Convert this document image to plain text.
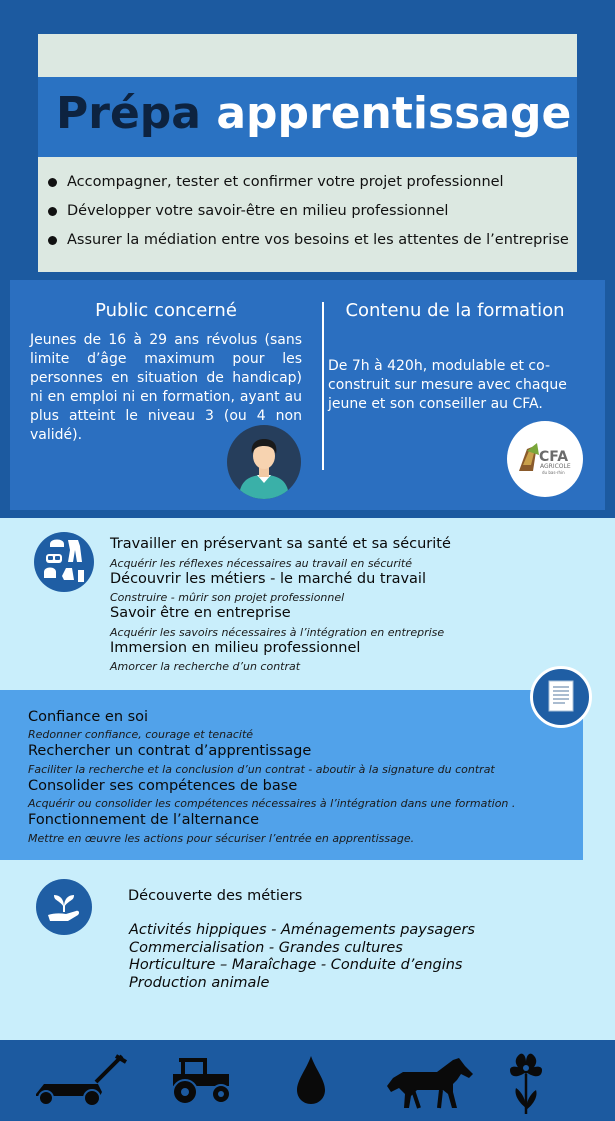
Prépa apprentissage
Accompagner, tester et confirmer votre projet professionnel
Développer votre savoir-être en milieu professionnel
Assurer la médiation entre vos besoins et les attentes de l’entreprise
Public concerné
Jeunes de 16 à 29 ans révolus (sans limite d’âge maximum pour les personnes en situation de handicap) ni en emploi ni en formation, ayant au plus atteint le niveau 3 (ou 4 non validé).
Contenu de la formation
De 7h à 420h, modulable et co-construit sur mesure avec chaque jeune et son conseiller au CFA.
CFA
AGRICOLE
du bas-rhin
Travailler en préservant sa santé et sa sécurité
Acquérir les réflexes nécessaires au travail en sécurité
Découvrir les métiers - le marché du travail
Construire - mûrir son projet professionnel
Savoir être en entreprise
Acquérir les savoirs nécessaires à l’intégration en entreprise
Immersion en milieu professionnel
Amorcer la recherche d’un contrat
Confiance en soi
Redonner confiance, courage et tenacité
Rechercher un contrat d’apprentissage
Faciliter la recherche et la conclusion d’un contrat - aboutir à la signature du contrat
Consolider ses compétences de base
Acquérir ou consolider les compétences nécessaires à l’intégration dans une formation .
Fonctionnement de l’alternance
Mettre en œuvre les actions pour sécuriser l’entrée en apprentissage.
Découverte des métiers
Activités hippiques - Aménagements paysagers
Commercialisation - Grandes cultures
Horticulture – Maraîchage - Conduite d’engins
Production animale
